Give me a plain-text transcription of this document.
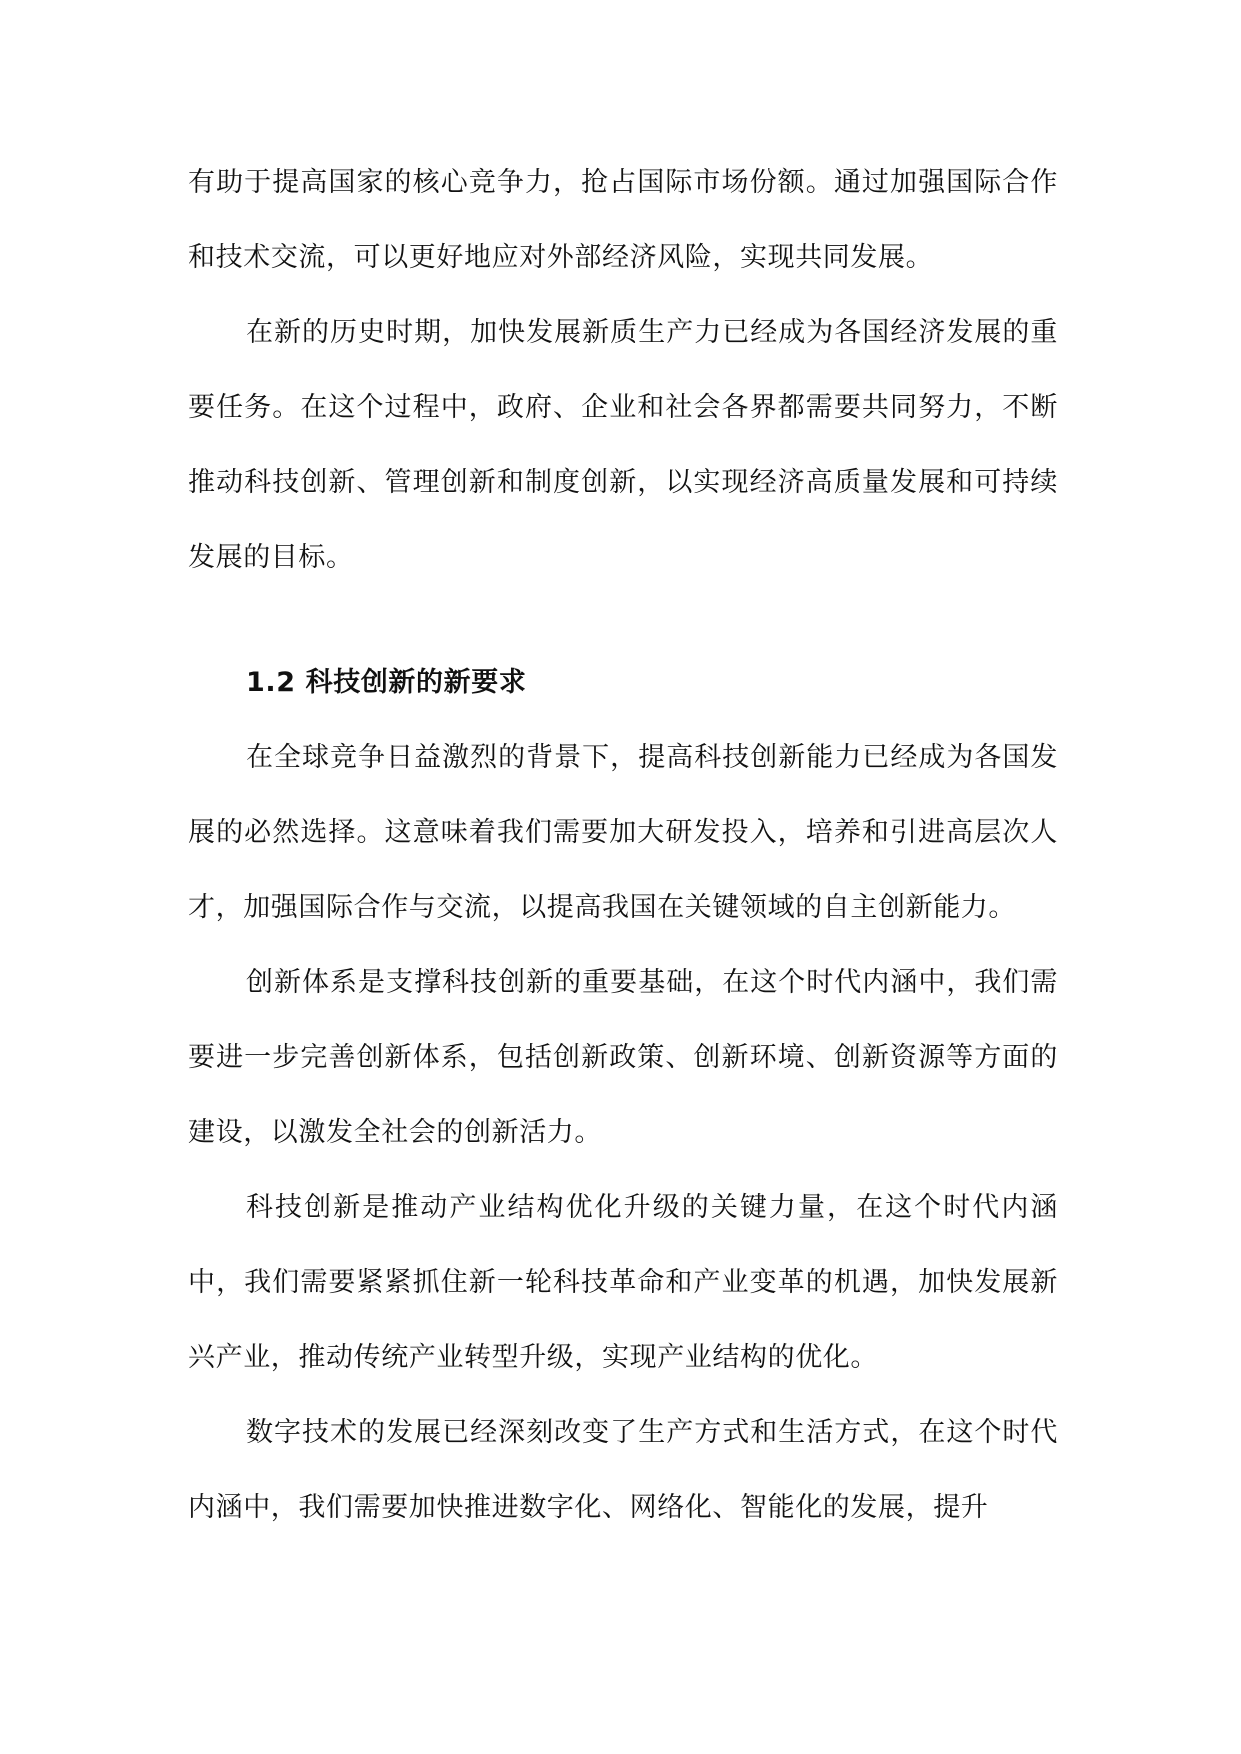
有助于提高国家的核心竞争力，抢占国际市场份额。通过加强国际合作和技术交流，可以更好地应对外部经济风险，实现共同发展。

在新的历史时期，加快发展新质生产力已经成为各国经济发展的重要任务。在这个过程中，政府、企业和社会各界都需要共同努力，不断推动科技创新、管理创新和制度创新，以实现经济高质量发展和可持续发展的目标。

1.2 科技创新的新要求

在全球竞争日益激烈的背景下，提高科技创新能力已经成为各国发展的必然选择。这意味着我们需要加大研发投入，培养和引进高层次人才，加强国际合作与交流，以提高我国在关键领域的自主创新能力。

创新体系是支撑科技创新的重要基础，在这个时代内涵中，我们需要进一步完善创新体系，包括创新政策、创新环境、创新资源等方面的建设，以激发全社会的创新活力。

科技创新是推动产业结构优化升级的关键力量，在这个时代内涵中，我们需要紧紧抓住新一轮科技革命和产业变革的机遇，加快发展新兴产业，推动传统产业转型升级，实现产业结构的优化。

数字技术的发展已经深刻改变了生产方式和生活方式，在这个时代内涵中，我们需要加快推进数字化、网络化、智能化的发展，提升
